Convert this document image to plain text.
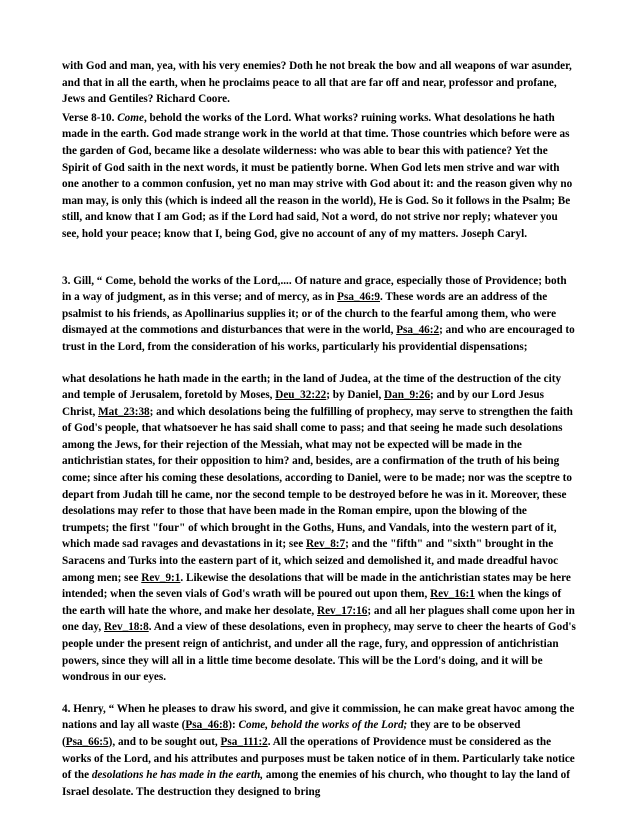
with God and man, yea, with his very enemies? Doth he not break the bow and all weapons of war asunder, and that in all the earth, when he proclaims peace to all that are far off and near, professor and profane, Jews and Gentiles? Richard Coore.

Verse 8-10. Come, behold the works of the Lord. What works? ruining works. What desolations he hath made in the earth. God made strange work in the world at that time. Those countries which before were as the garden of God, became like a desolate wilderness: who was able to bear this with patience? Yet the Spirit of God saith in the next words, it must be patiently borne. When God lets men strive and war with one another to a common confusion, yet no man may strive with God about it: and the reason given why no man may, is only this (which is indeed all the reason in the world), He is God. So it follows in the Psalm; Be still, and know that I am God; as if the Lord had said, Not a word, do not strive nor reply; whatever you see, hold your peace; know that I, being God, give no account of any of my matters. Joseph Caryl.

3. Gill, “ Come, behold the works of the Lord,.... Of nature and grace, especially those of Providence; both in a way of judgment, as in this verse; and of mercy, as in Psa_46:9. These words are an address of the psalmist to his friends, as Apollinarius supplies it; or of the church to the fearful among them, who were dismayed at the commotions and disturbances that were in the world, Psa_46:2; and who are encouraged to trust in the Lord, from the consideration of his works, particularly his providential dispensations;

what desolations he hath made in the earth; in the land of Judea, at the time of the destruction of the city and temple of Jerusalem, foretold by Moses, Deu_32:22; by Daniel, Dan_9:26; and by our Lord Jesus Christ, Mat_23:38; and which desolations being the fulfilling of prophecy, may serve to strengthen the faith of God's people, that whatsoever he has said shall come to pass; and that seeing he made such desolations among the Jews, for their rejection of the Messiah, what may not be expected will be made in the antichristian states, for their opposition to him? and, besides, are a confirmation of the truth of his being come; since after his coming these desolations, according to Daniel, were to be made; nor was the sceptre to depart from Judah till he came, nor the second temple to be destroyed before he was in it. Moreover, these desolations may refer to those that have been made in the Roman empire, upon the blowing of the trumpets; the first "four" of which brought in the Goths, Huns, and Vandals, into the western part of it, which made sad ravages and devastations in it; see Rev_8:7; and the "fifth" and "sixth" brought in the Saracens and Turks into the eastern part of it, which seized and demolished it, and made dreadful havoc among men; see Rev_9:1. Likewise the desolations that will be made in the antichristian states may be here intended; when the seven vials of God's wrath will be poured out upon them, Rev_16:1 when the kings of the earth will hate the whore, and make her desolate, Rev_17:16; and all her plagues shall come upon her in one day, Rev_18:8. And a view of these desolations, even in prophecy, may serve to cheer the hearts of God's people under the present reign of antichrist, and under all the rage, fury, and oppression of antichristian powers, since they will all in a little time become desolate. This will be the Lord's doing, and it will be wondrous in our eyes.

4. Henry, “ When he pleases to draw his sword, and give it commission, he can make great havoc among the nations and lay all waste (Psa_46:8): Come, behold the works of the Lord; they are to be observed (Psa_66:5), and to be sought out, Psa_111:2. All the operations of Providence must be considered as the works of the Lord, and his attributes and purposes must be taken notice of in them. Particularly take notice of the desolations he has made in the earth, among the enemies of his church, who thought to lay the land of Israel desolate. The destruction they designed to bring
